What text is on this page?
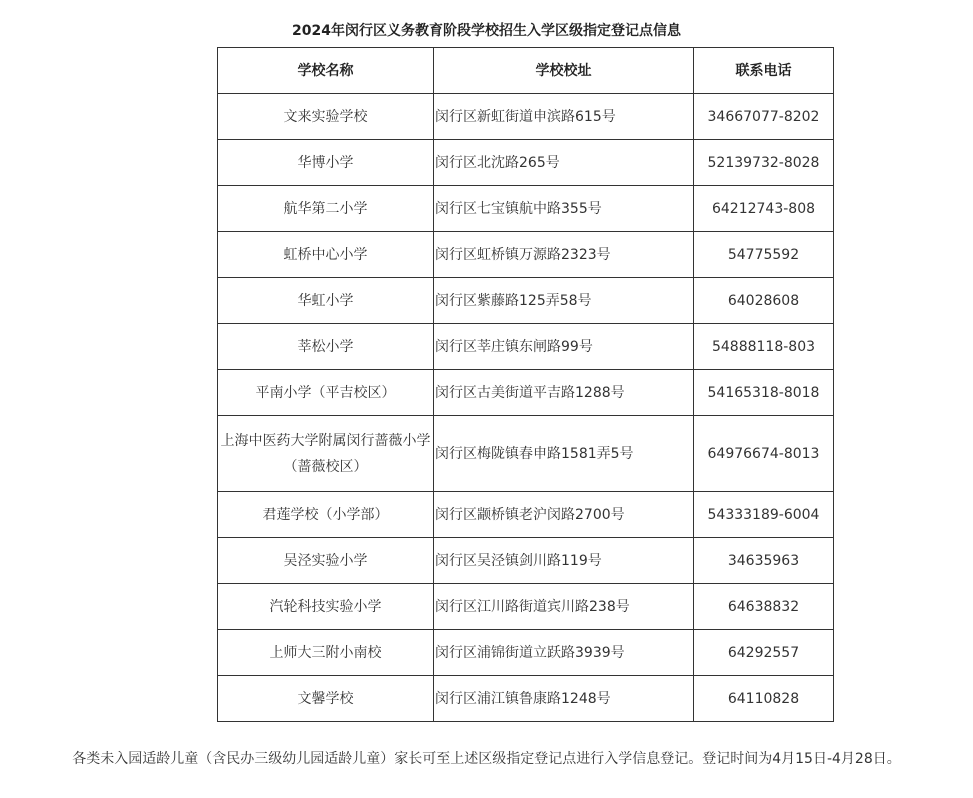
2024年闵行区义务教育阶段学校招生入学区级指定登记点信息
学校名称	学校校址	联系电话
文来实验学校	闵行区新虹街道申滨路615号	34667077-8202
华博小学	闵行区北沈路265号	52139732-8028
航华第二小学	闵行区七宝镇航中路355号	64212743-808
虹桥中心小学	闵行区虹桥镇万源路2323号	54775592
华虹小学	闵行区紫藤路125弄58号	64028608
莘松小学	闵行区莘庄镇东闸路99号	54888118-803
平南小学（平吉校区）	闵行区古美街道平吉路1288号	54165318-8018
上海中医药大学附属闵行蔷薇小学（蔷薇校区）	闵行区梅陇镇春申路1581弄5号	64976674-8013
君莲学校（小学部）	闵行区颛桥镇老沪闵路2700号	54333189-6004
吴泾实验小学	闵行区吴泾镇剑川路119号	34635963
汽轮科技实验小学	闵行区江川路街道宾川路238号	64638832
上师大三附小南校	闵行区浦锦街道立跃路3939号	64292557
文馨学校	闵行区浦江镇鲁康路1248号	64110828
各类未入园适龄儿童（含民办三级幼儿园适龄儿童）家长可至上述区级指定登记点进行入学信息登记。登记时间为4月15日-4月28日。
